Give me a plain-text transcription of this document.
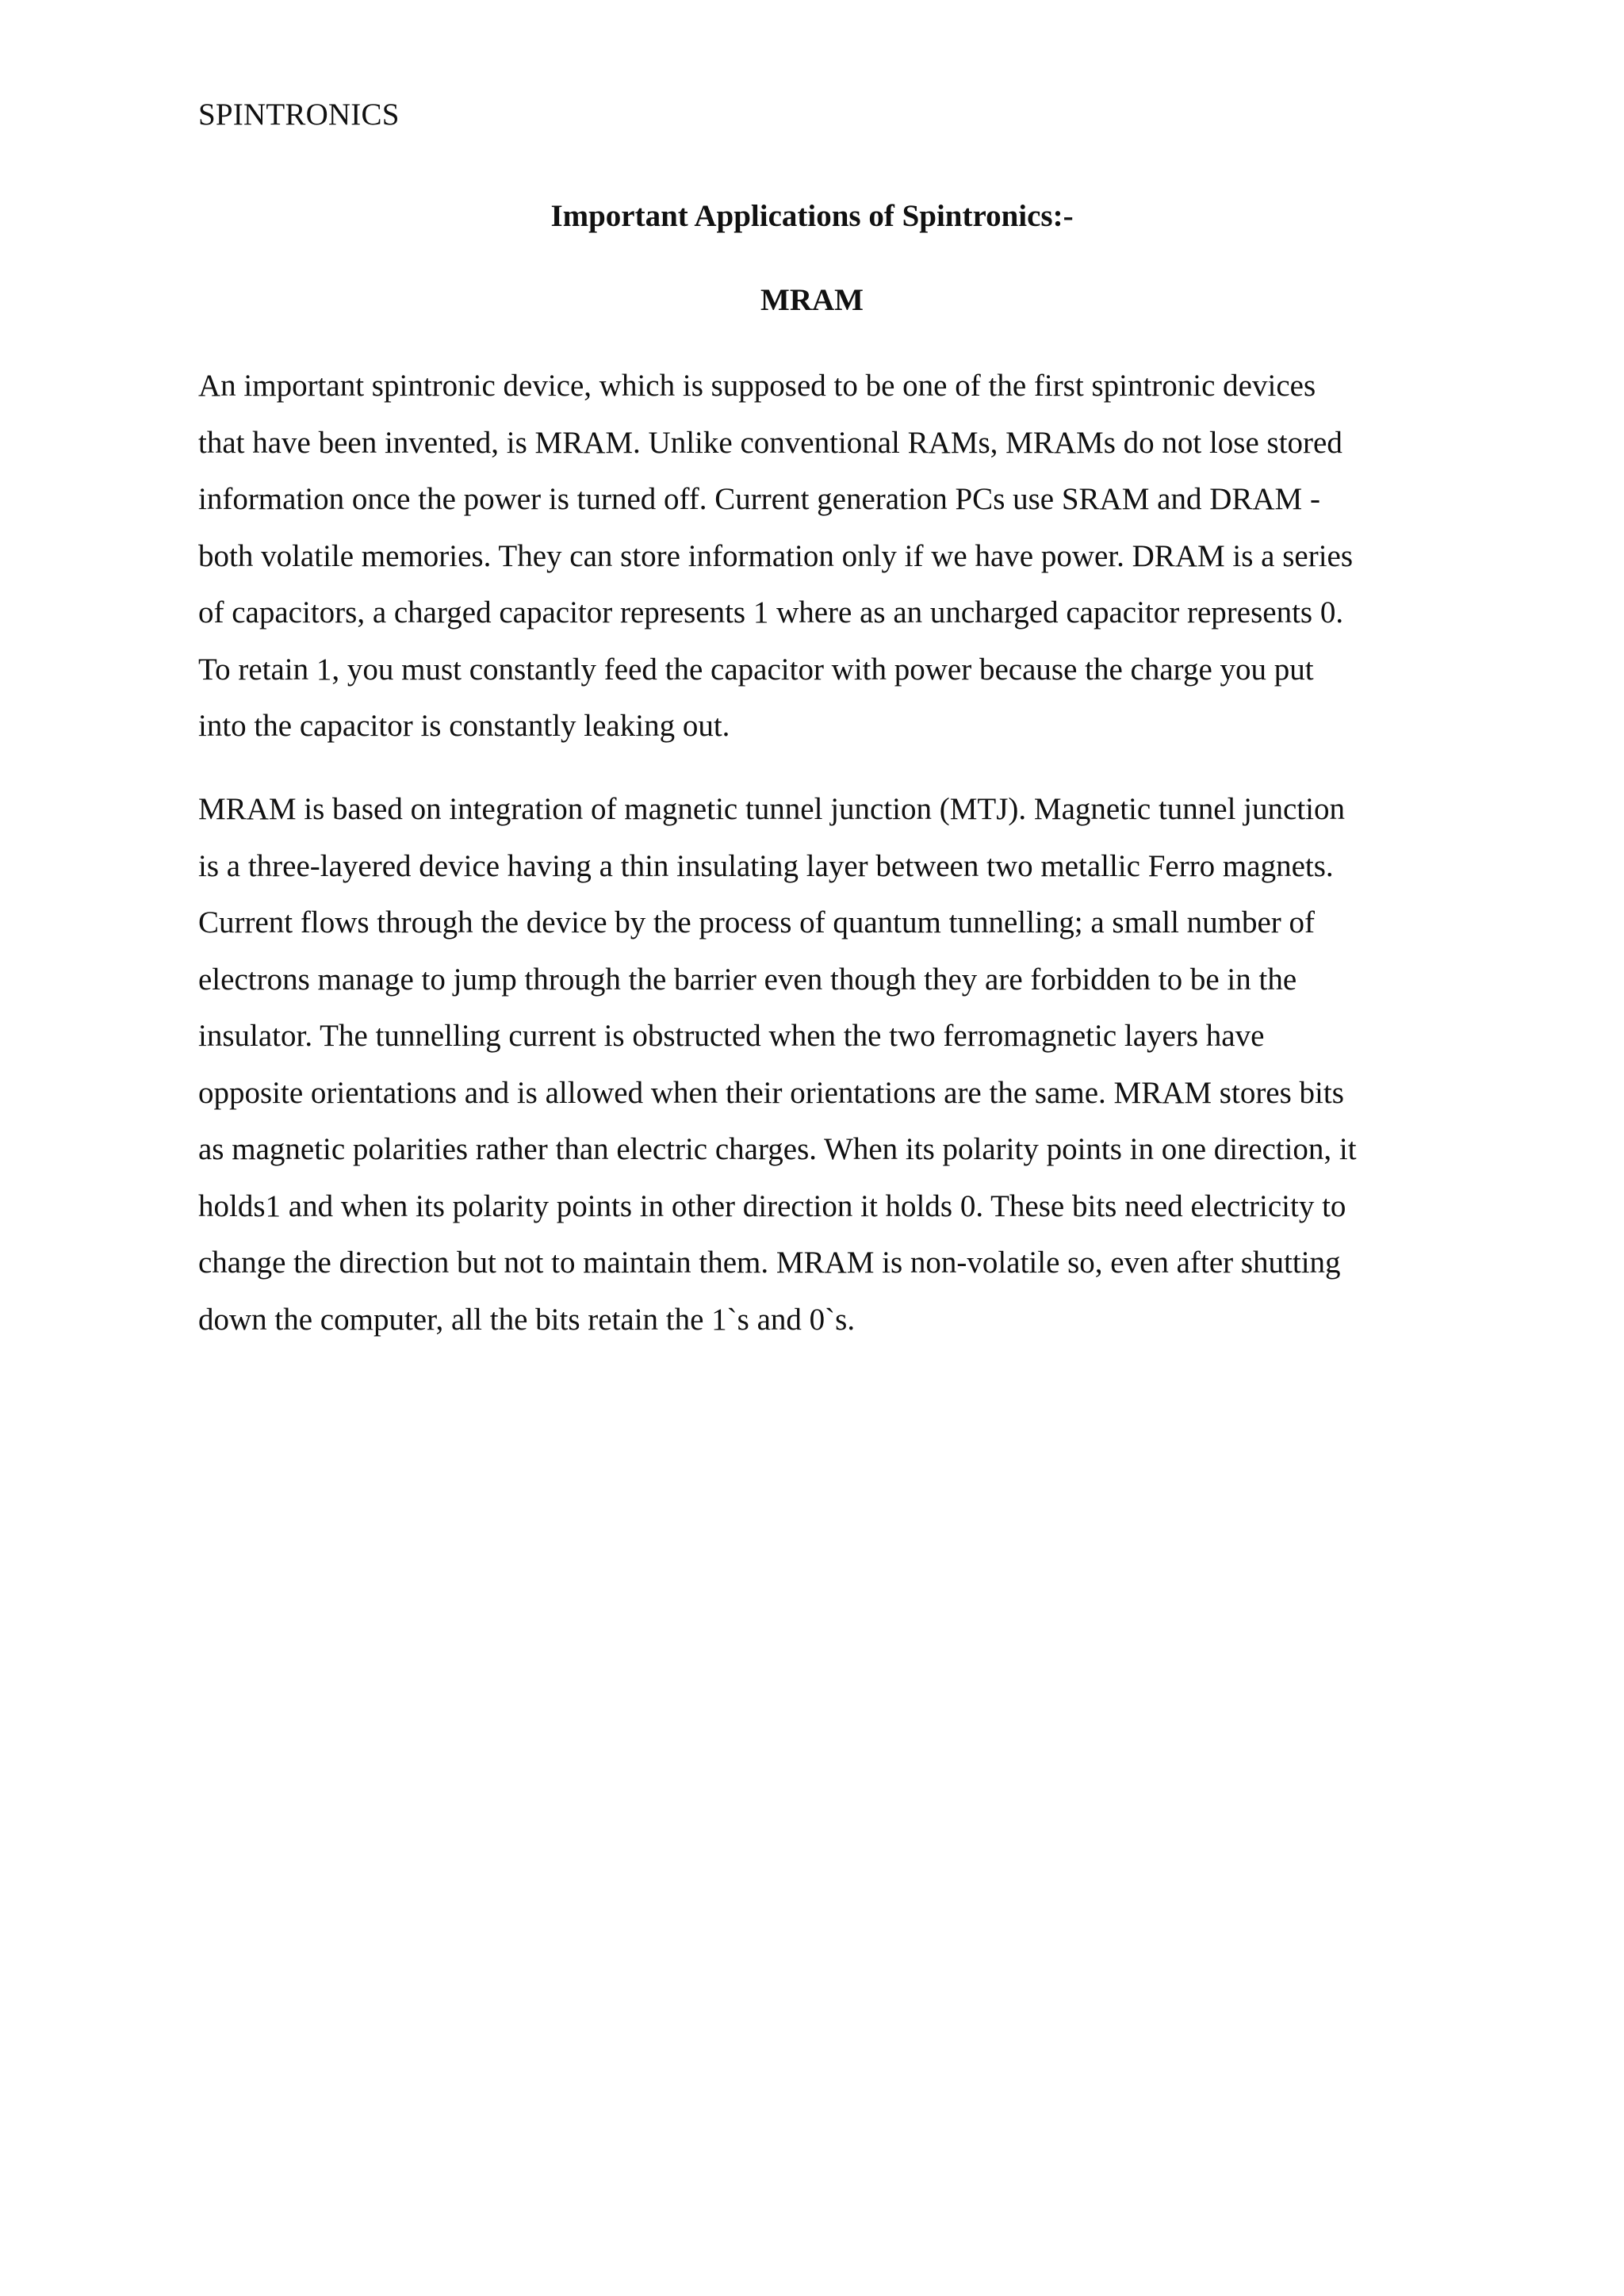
SPINTRONICS
Important Applications of Spintronics:-
MRAM
An important spintronic device, which is supposed to be one of the first spintronic devices
that have been invented, is MRAM. Unlike conventional RAMs, MRAMs do not lose stored
information once the power is turned off. Current generation PCs use SRAM and DRAM -
both volatile memories. They can store information only if we have power. DRAM is a series
of capacitors, a charged capacitor represents 1 where as an uncharged capacitor represents 0.
To retain 1, you must constantly feed the capacitor with power because the charge you put
into the capacitor is constantly leaking out.
MRAM is based on integration of magnetic tunnel junction (MTJ). Magnetic tunnel junction
is a three-layered device having a thin insulating layer between two metallic Ferro magnets.
Current flows through the device by the process of quantum tunnelling; a small number of
electrons manage to jump through the barrier even though they are forbidden to be in the
insulator. The tunnelling current is obstructed when the two ferromagnetic layers have
opposite orientations and is allowed when their orientations are the same. MRAM stores bits
as magnetic polarities rather than electric charges. When its polarity points in one direction, it
holds1 and when its polarity points in other direction it holds 0. These bits need electricity to
change the direction but not to maintain them. MRAM is non-volatile so, even after shutting
down the computer, all the bits retain the 1`s and 0`s.
